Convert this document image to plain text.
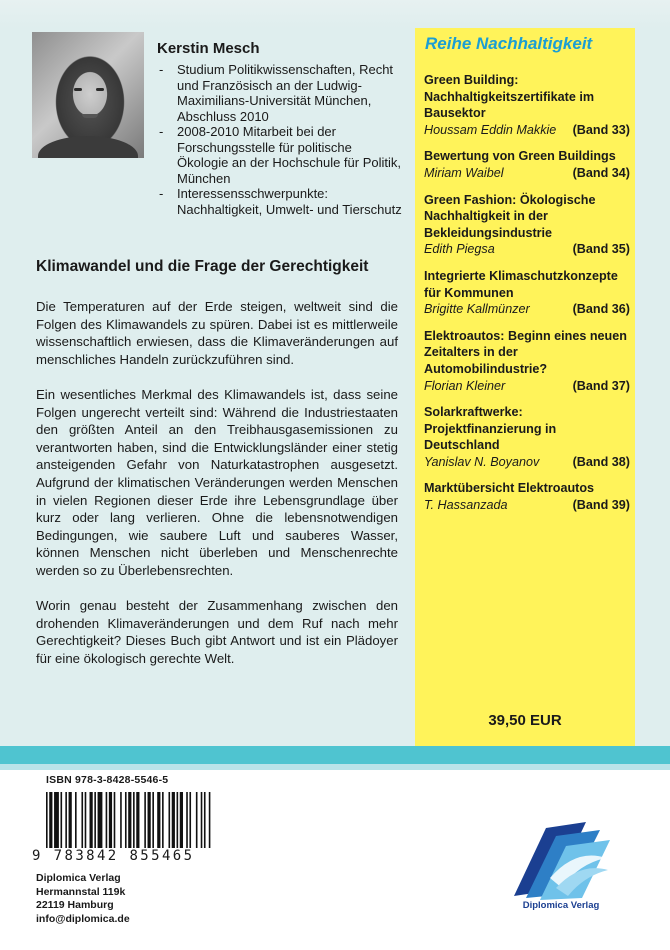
Kerstin Mesch
- Studium Politikwissenschaften, Recht und Französisch an der Ludwig-Maximilians-Universität München, Abschluss 2010
- 2008-2010 Mitarbeit bei der Forschungsstelle für politische Ökologie an der Hochschule für Politik, München
- Interessensschwerpunkte: Nachhaltigkeit, Umwelt- und Tierschutz
Klimawandel und die Frage der Gerechtigkeit

Die Temperaturen auf der Erde steigen, weltweit sind die Folgen des Klimawandels zu spüren. Dabei ist es mittlerweile wissenschaftlich erwiesen, dass die Klimaveränderungen auf menschliches Handeln zurückzuführen sind.

Ein wesentliches Merkmal des Klimawandels ist, dass seine Folgen ungerecht verteilt sind: Während die Industriestaaten den größten Anteil an den Treibhausgasemissionen zu verantworten haben, sind die Entwicklungsländer einer stetig ansteigenden Gefahr von Naturkatastrophen ausgesetzt. Aufgrund der klimatischen Veränderungen werden Menschen in vielen Regionen dieser Erde ihre Lebensgrundlage über kurz oder lang verlieren. Ohne die lebensnotwendigen Bedingungen, wie saubere Luft und sauberes Wasser, können Menschen nicht überleben und Menschenrechte werden so zu Überlebensrechten.

Worin genau besteht der Zusammenhang zwischen den drohenden Klimaveränderungen und dem Ruf nach mehr Gerechtigkeit? Dieses Buch gibt Antwort und ist ein Plädoyer für eine ökologisch gerechte Welt.

Reihe Nachhaltigkeit
Green Building: Nachhaltigkeitszertifikate im Bausektor
Houssam Eddin Makkie (Band 33)
Bewertung von Green Buildings
Miriam Waibel	(Band 34)
Green Fashion: Ökologische Nachhaltigkeit in der Bekleidungsindustrie
Edith Piegsa	(Band 35)
Integrierte Klimaschutzkonzepte für Kommunen
Brigitte Kallmünzer	(Band 36)
Elektroautos: Beginn eines neuen Zeitalters in der Automobilindustrie?
Florian Kleiner	(Band 37)
Solarkraftwerke: Projektfinanzierung in Deutschland
Yanislav N. Boyanov	(Band 38)
Marktübersicht Elektroautos
T. Hassanzada	(Band 39)
39,50 EUR
ISBN 978-3-8428-5546-5
9 783842 855465
Diplomica Verlag
Hermannstal 119k
22119 Hamburg
info@diplomica.de
Diplomica Verlag
